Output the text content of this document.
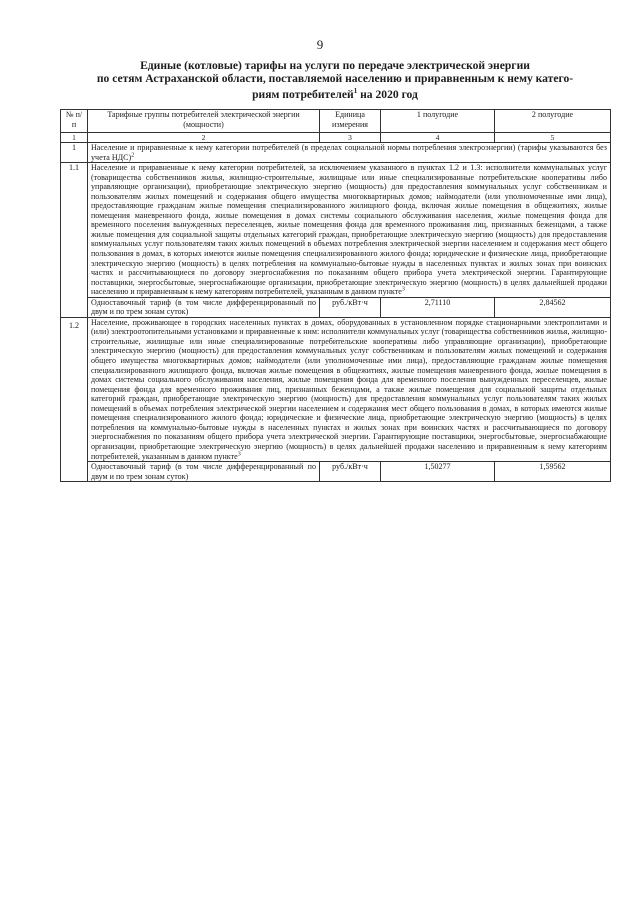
9
Единые (котловые) тарифы на услуги по передаче электрической энергии
по сетям Астраханской области, поставляемой населению и приравненным к нему катего-
риям потребителей$^1$ на 2020 год
№ п/п	Тарифные группы потребителей электрической энергии (мощности)	Единица измерения	1 полугодие	2 полугодие
1	2	3	4	5
1	Население и приравненные к нему категории потребителей (в пределах социальной нормы потребления электроэнергии) (тарифы указываются без учета НДС)$^2$
1.1	Население и приравненные к нему категории потребителей, за исключением указанного в пунктах 1.2 и 1.3: исполнители коммунальных услуг (товарищества собственников жилья, жилищно-строительные, жилищные или иные специализированные потребительские кооперативы либо управляющие организации), приобретающие электрическую энергию (мощность) для предоставления коммунальных услуг собственникам и пользователям жилых помещений и содержания общего имущества многоквартирных домов; наймодатели (или уполномоченные ими лица), предоставляющие гражданам жилые помещения специализированного жилищного фонда, включая жилые помещения в общежитиях, жилые помещения маневренного фонда, жилые помещения в домах системы социального обслуживания населения, жилые помещения фонда для временного поселения вынужденных переселенцев, жилые помещения фонда для временного проживания лиц, признанных беженцами, а также жилые помещения для социальной защиты отдельных категорий граждан, приобретающие электрическую энергию (мощность) для предоставления коммунальных услуг пользователям таких жилых помещений в объемах потребления электрической энергии населением и содержания мест общего пользования в домах, в которых имеются жилые помещения специализированного жилого фонда; юридические и физические лица, приобретающие электрическую энергию (мощность) в целях потребления на коммунально-бытовые нужды в населенных пунктах и жилых зонах при воинских частях и рассчитывающиеся по договору энергоснабжения по показаниям общего прибора учета электрической энергии. Гарантирующие поставщики, энергосбытовые, энергоснабжающие организации, приобретающие электрическую энергию (мощность) в целях дальнейшей продажи населению и приравненным к нему категориям потребителей, указанным в данном пункте$^3$
	Одноставочный тариф (в том числе дифференцированный по двум и по трем зонам суток)	руб./кВт·ч	2,71110	2,84562
1.2	Население, проживающее в городских населенных пунктах в домах, оборудованных в установленном порядке стационарными электроплитами и (или) электроотопительными установками и приравненные к ним: исполнители коммунальных услуг (товарищества собственников жилья, жилищно-строительные, жилищные или иные специализированные потребительские кооперативы либо управляющие организации), приобретающие электрическую энергию (мощность) для предоставления коммунальных услуг собственникам и пользователям жилых помещений и содержания общего имущества многоквартирных домов; наймодатели (или уполномоченные ими лица), предоставляющие гражданам жилые помещения специализированного жилищного фонда, включая жилые помещения в общежитиях, жилые помещения маневренного фонда, жилые помещения в домах системы социального обслуживания населения, жилые помещения фонда для временного поселения вынужденных переселенцев, жилые помещения фонда для временного проживания лиц, признанных беженцами, а также жилые помещения для социальной защиты отдельных категорий граждан, приобретающие электрическую энергию (мощность) для предоставления коммунальных услуг пользователям таких жилых помещений в объемах потребления электрической энергии населением и содержания мест общего пользования в домах, в которых имеются жилые помещения специализированного жилого фонда; юридические и физические лица, приобретающие электрическую энергию (мощность) в целях потребления на коммунально-бытовые нужды в населенных пунктах и жилых зонах при воинских частях и рассчитывающиеся по договору энергоснабжения по показаниям общего прибора учета электрической энергии. Гарантирующие поставщики, энергосбытовые, энергоснабжающие организации, приобретающие электрическую энергию (мощность) в целях дальнейшей продажи населению и приравненным к нему категориям потребителей, указанным в данном пункте$^3$
	Одноставочный тариф (в том числе дифференцированный по двум и по трем зонам суток)	руб./кВт·ч	1,50277	1,59562
